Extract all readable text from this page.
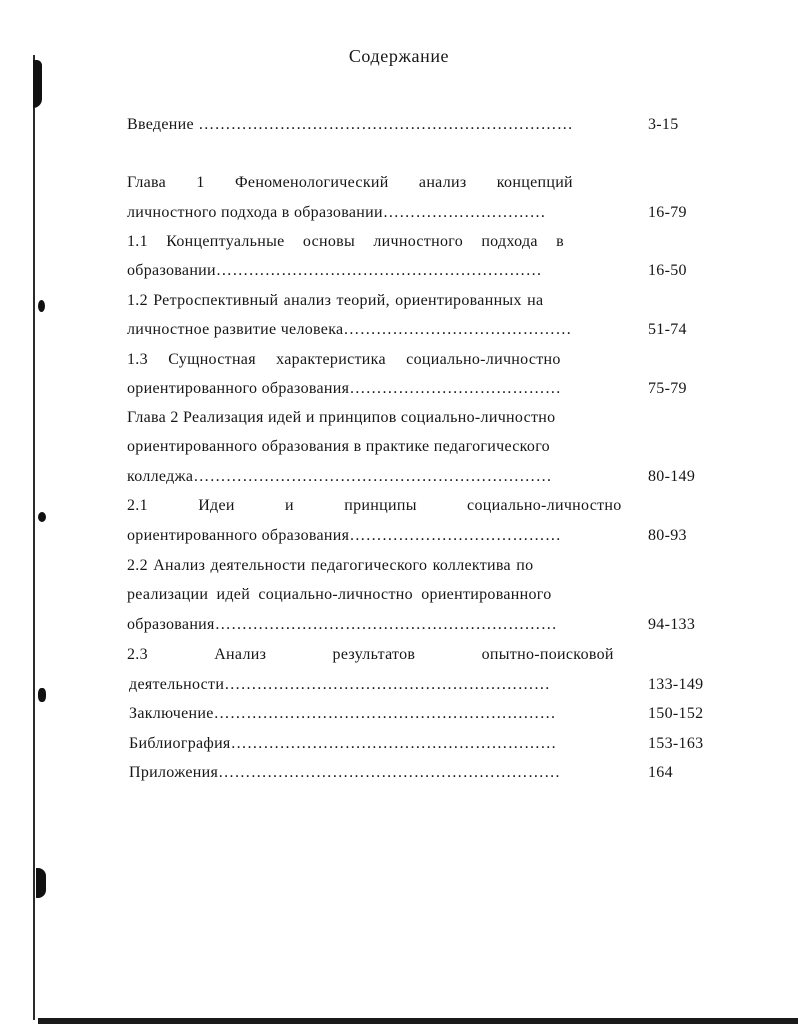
Содержание
Введение ……………………………………………………………	3-15
Глава 1 Феноменологический анализ концепций
личностного подхода в образовании…………………………	16-79
1.1 Концептуальные основы личностного подхода в
образовании……………………………………………………	16-50
1.2 Ретроспективный анализ теорий, ориентированных на
личностное развитие человека……………………………………	51-74
1.3 Сущностная характеристика социально-личностно
ориентированного образования…………………………………	75-79
Глава 2 Реализация идей и принципов социально-личностно
ориентированного образования в практике педагогического
колледжа…………………………………………………………	80-149
2.1 Идеи и принципы социально-личностно
ориентированного образования…………………………………	80-93
2.2 Анализ деятельности педагогического коллектива по
реализации идей социально-личностно ориентированного
образования………………………………………………………	94-133
2.3 Анализ результатов опытно-поисковой
деятельности……………………………………………………	133-149
Заключение………………………………………………………	150-152
Библиография……………………………………………………	153-163
Приложения………………………………………………………	164
